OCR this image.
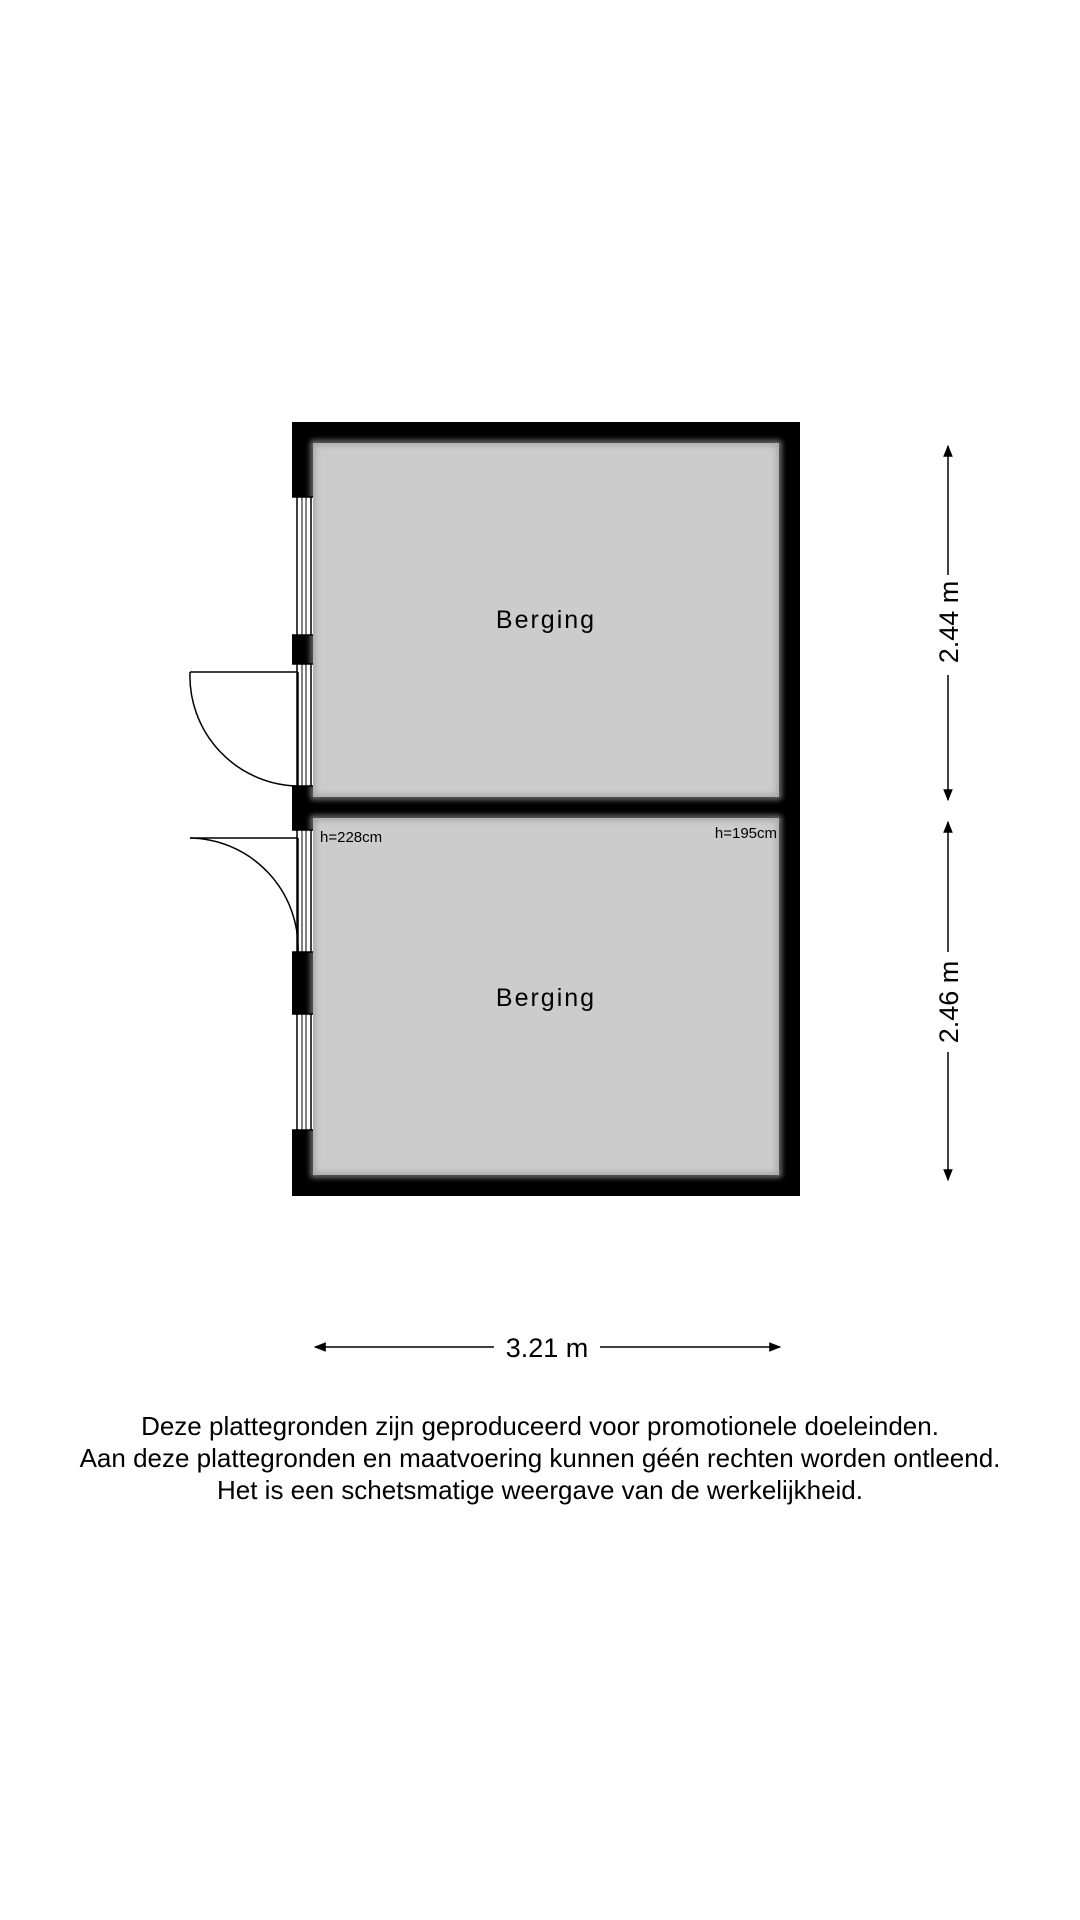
Berging
Berging
h=228cm	h=195cm
2.44 m
2.46 m
3.21 m
Deze plattegronden zijn geproduceerd voor promotionele doeleinden.
Aan deze plattegronden en maatvoering kunnen géén rechten worden ontleend.
Het is een schetsmatige weergave van de werkelijkheid.
